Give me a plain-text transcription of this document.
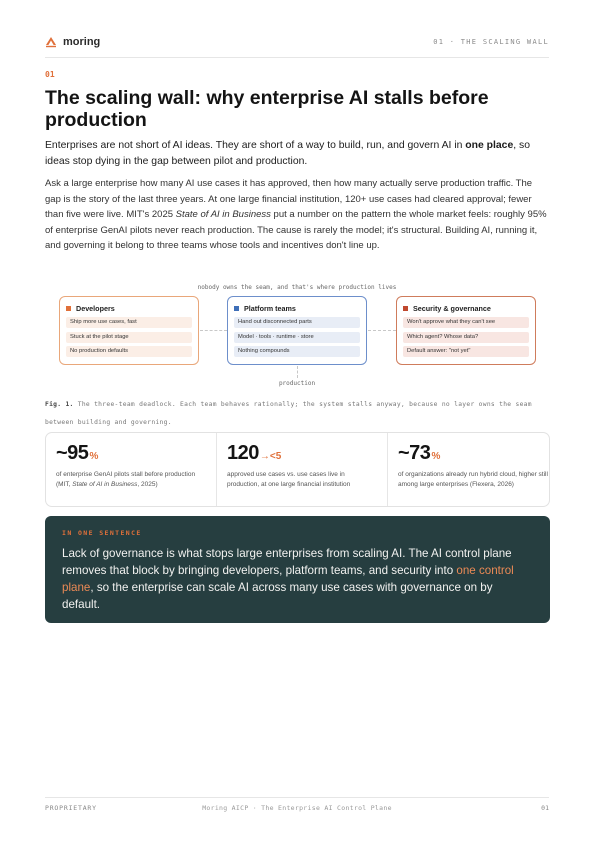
moring	01 · THE SCALING WALL
01
The scaling wall: why enterprise AI stalls before production

Enterprises are not short of AI ideas. They are short of a way to build, run, and govern AI in one place, so ideas stop dying in the gap between pilot and production.

Ask a large enterprise how many AI use cases it has approved, then how many actually serve production traffic. The gap is the story of the last three years. At one large financial institution, 120+ use cases had cleared approval; fewer than five were live. MIT's 2025 State of AI in Business put a number on the pattern the whole market feels: roughly 95% of enterprise GenAI pilots never reach production. The cause is rarely the model; it's structural. Building AI, running it, and governing it belong to three teams whose tools and incentives don't line up.

nobody owns the seam, and that's where production lives
Developers
Ship more use cases, fast
Stuck at the pilot stage
No production defaults
Platform teams
Hand out disconnected parts
Model · tools · runtime · store
Nothing compounds
Security & governance
Won't approve what they can't see
Which agent? Whose data?
Default answer: "not yet"
production

Fig. 1. The three-team deadlock. Each team behaves rationally; the system stalls anyway, because no layer owns the seam between building and governing.

~95 %
of enterprise GenAI pilots stall before production (MIT, State of AI in Business, 2025)
120 →<5
approved use cases vs. use cases live in production, at one large financial institution
~73 %
of organizations already run hybrid cloud, higher still among large enterprises (Flexera, 2026)
IN ONE SENTENCE

Lack of governance is what stops large enterprises from scaling AI. The AI control plane removes that block by bringing developers, platform teams, and security into one control plane, so the enterprise can scale AI across many use cases with governance on by default.

PROPRIETARY	Moring AICP · The Enterprise AI Control Plane	01
